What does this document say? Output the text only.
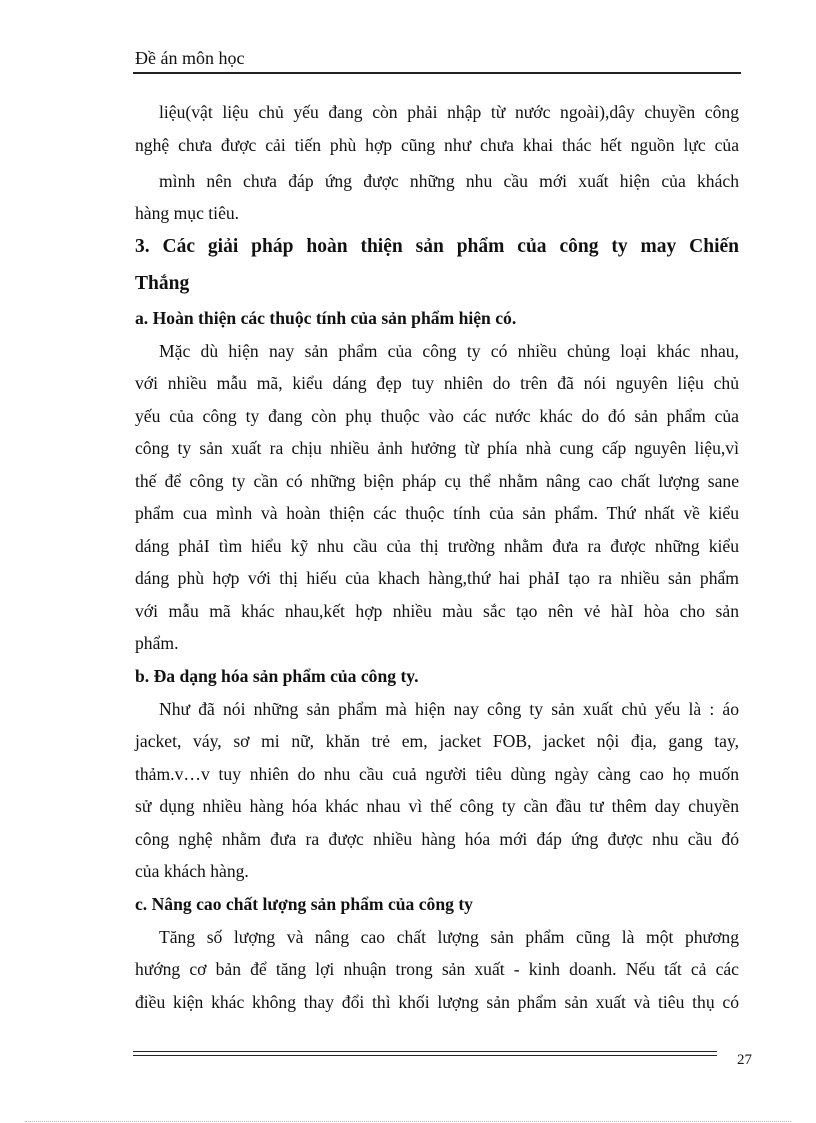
Đề án môn học
liệu(vật liệu chủ yếu đang còn phải nhập từ nước ngoài),dây chuyền công
nghệ chưa được cải tiến phù hợp cũng như chưa khai thác hết nguồn lực của
mình nên chưa đáp ứng được những nhu cầu mới xuất hiện của khách
hàng mục tiêu.
3. Các giải pháp hoàn thiện sản phẩm của công ty may Chiến
Thắng
a. Hoàn thiện các thuộc tính của sản phẩm hiện có.
Mặc dù hiện nay sản phẩm của công ty có nhiều chủng loại khác nhau,
với nhiều mẫu mã, kiểu dáng đẹp tuy nhiên do trên đã nói nguyên liệu chủ
yếu của công ty đang còn phụ thuộc vào các nước khác do đó sản phẩm của
công ty sản xuất ra chịu nhiều ảnh hưởng từ phía nhà cung cấp nguyên liệu,vì
thế để công ty cần có những biện pháp cụ thể nhằm nâng cao chất lượng sane
phẩm cua mình và hoàn thiện các thuộc tính của sản phẩm. Thứ nhất về kiểu
dáng phảI tìm hiểu kỹ nhu cầu của thị trường nhằm đưa ra được những kiểu
dáng phù hợp với thị hiếu của khach hàng,thứ hai phảI tạo ra nhiều sản phẩm
với mẫu mã khác nhau,kết hợp nhiều màu sắc tạo nên vẻ hàI hòa cho sản
phẩm.
b. Đa dạng hóa sản phẩm của công ty.
Như đã nói những sản phẩm mà hiện nay công ty sản xuất chủ yếu là : áo
jacket, váy, sơ mi nữ, khăn trẻ em, jacket FOB, jacket nội địa, gang tay,
thảm.v…v tuy nhiên do nhu cầu cuả người tiêu dùng ngày càng cao họ muốn
sử dụng nhiều hàng hóa khác nhau vì thế công ty cần đầu tư thêm day chuyền
công nghệ nhằm đưa ra được nhiều hàng hóa mới đáp ứng được nhu cầu đó
của khách hàng.
c. Nâng cao chất lượng sản phẩm của công ty
Tăng số lượng và nâng cao chất lượng sản phẩm cũng là một phương
hướng cơ bản để tăng lợi nhuận trong sản xuất - kinh doanh. Nếu tất cả các
điều kiện khác không thay đổi thì khối lượng sản phẩm sản xuất và tiêu thụ có
27
